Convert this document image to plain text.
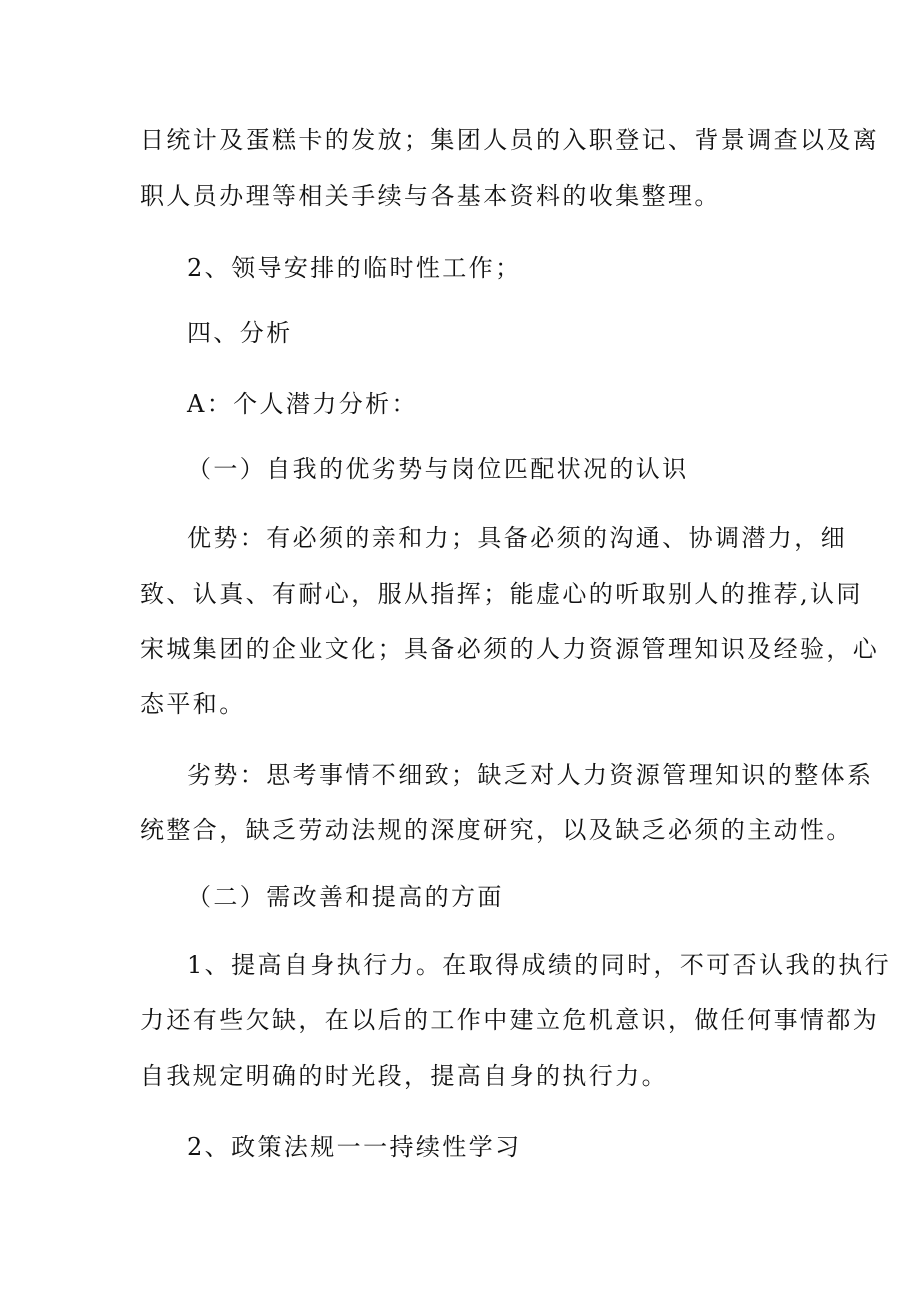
日统计及蛋糕卡的发放；集团人员的入职登记、背景调查以及离
职人员办理等相关手续与各基本资料的收集整理。
2、领导安排的临时性工作；
四、分析
A：个人潜力分析：
（一）自我的优劣势与岗位匹配状况的认识
优势：有必须的亲和力；具备必须的沟通、协调潜力，细
致、认真、有耐心，服从指挥；能虚心的听取别人的推荐,认同
宋城集团的企业文化；具备必须的人力资源管理知识及经验，心
态平和。
劣势：思考事情不细致；缺乏对人力资源管理知识的整体系
统整合，缺乏劳动法规的深度研究，以及缺乏必须的主动性。
（二）需改善和提高的方面
1、提高自身执行力。在取得成绩的同时，不可否认我的执行
力还有些欠缺，在以后的工作中建立危机意识，做任何事情都为
自我规定明确的时光段，提高自身的执行力。
2、政策法规一一持续性学习
